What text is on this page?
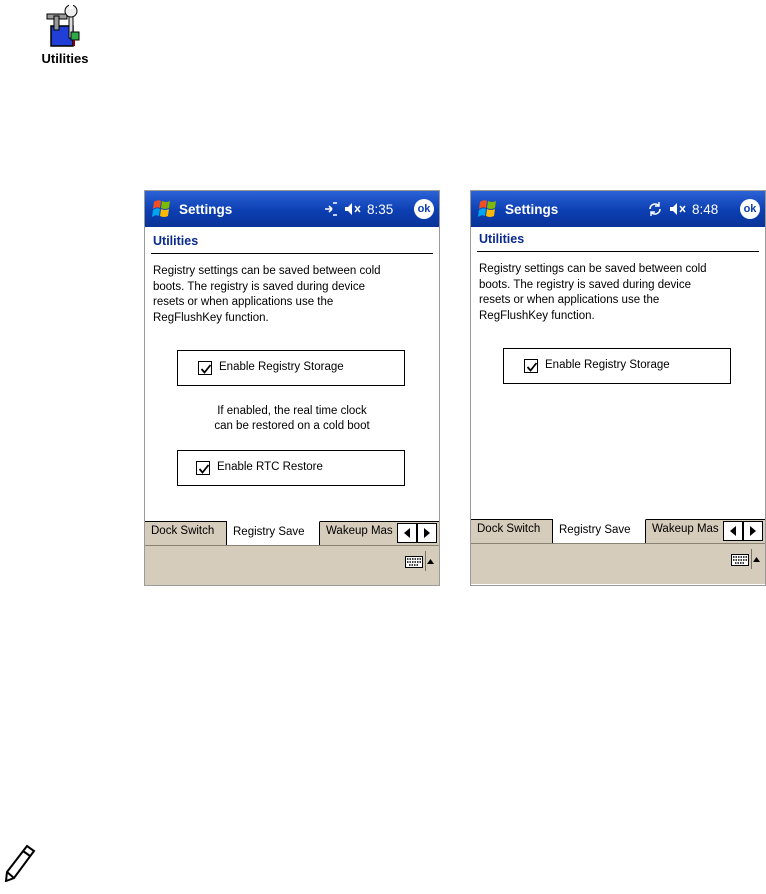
Utilities
Settings	8:35	ok
Utilities
Registry settings can be saved between cold
boots. The registry is saved during device
resets or when applications use the
RegFlushKey function.
Enable Registry Storage
If enabled, the real time clock
can be restored on a cold boot
Enable RTC Restore
Dock Switch	Registry Save	Wakeup Mas
Settings	8:48	ok
Utilities
Registry settings can be saved between cold
boots. The registry is saved during device
resets or when applications use the
RegFlushKey function.
Enable Registry Storage
Dock Switch	Registry Save	Wakeup Mas
